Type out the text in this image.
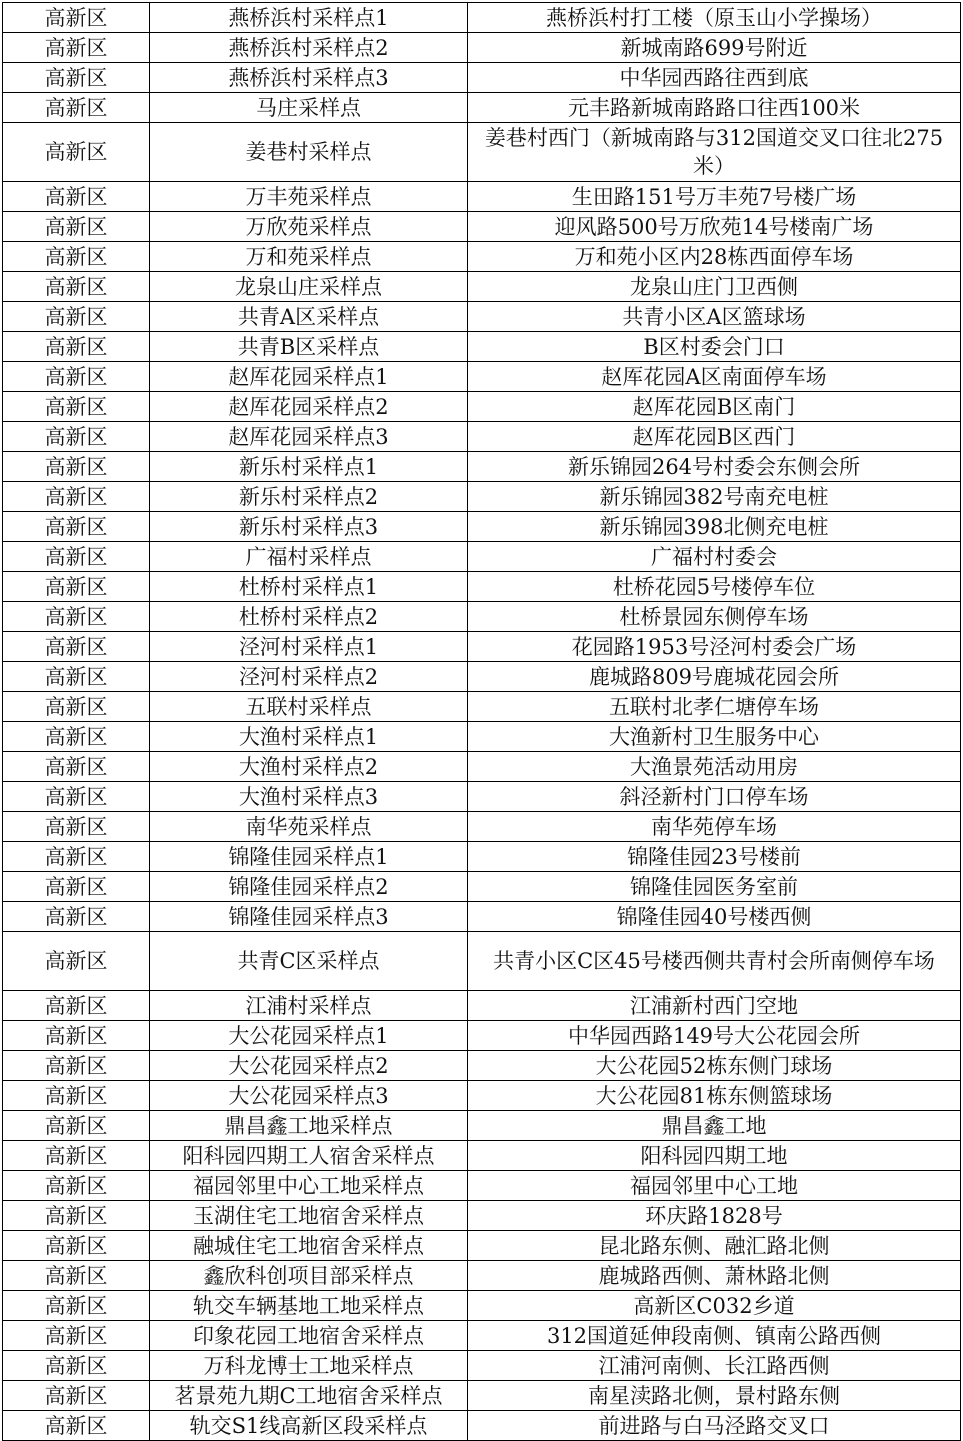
高新区	燕桥浜村采样点1	燕桥浜村打工楼（原玉山小学操场）
高新区	燕桥浜村采样点2	新城南路699号附近
高新区	燕桥浜村采样点3	中华园西路往西到底
高新区	马庄采样点	元丰路新城南路路口往西100米
高新区	姜巷村采样点	姜巷村西门（新城南路与312国道交叉口往北275米）
高新区	万丰苑采样点	生田路151号万丰苑7号楼广场
高新区	万欣苑采样点	迎风路500号万欣苑14号楼南广场
高新区	万和苑采样点	万和苑小区内28栋西面停车场
高新区	龙泉山庄采样点	龙泉山庄门卫西侧
高新区	共青A区采样点	共青小区A区篮球场
高新区	共青B区采样点	B区村委会门口
高新区	赵厍花园采样点1	赵厍花园A区南面停车场
高新区	赵厍花园采样点2	赵厍花园B区南门
高新区	赵厍花园采样点3	赵厍花园B区西门
高新区	新乐村采样点1	新乐锦园264号村委会东侧会所
高新区	新乐村采样点2	新乐锦园382号南充电桩
高新区	新乐村采样点3	新乐锦园398北侧充电桩
高新区	广福村采样点	广福村村委会
高新区	杜桥村采样点1	杜桥花园5号楼停车位
高新区	杜桥村采样点2	杜桥景园东侧停车场
高新区	泾河村采样点1	花园路1953号泾河村委会广场
高新区	泾河村采样点2	鹿城路809号鹿城花园会所
高新区	五联村采样点	五联村北孝仁塘停车场
高新区	大渔村采样点1	大渔新村卫生服务中心
高新区	大渔村采样点2	大渔景苑活动用房
高新区	大渔村采样点3	斜泾新村门口停车场
高新区	南华苑采样点	南华苑停车场
高新区	锦隆佳园采样点1	锦隆佳园23号楼前
高新区	锦隆佳园采样点2	锦隆佳园医务室前
高新区	锦隆佳园采样点3	锦隆佳园40号楼西侧
高新区	共青C区采样点	共青小区C区45号楼西侧共青村会所南侧停车场
高新区	江浦村采样点	江浦新村西门空地
高新区	大公花园采样点1	中华园西路149号大公花园会所
高新区	大公花园采样点2	大公花园52栋东侧门球场
高新区	大公花园采样点3	大公花园81栋东侧篮球场
高新区	鼎昌鑫工地采样点	鼎昌鑫工地
高新区	阳科园四期工人宿舍采样点	阳科园四期工地
高新区	福园邻里中心工地采样点	福园邻里中心工地
高新区	玉湖住宅工地宿舍采样点	环庆路1828号
高新区	融城住宅工地宿舍采样点	昆北路东侧、融汇路北侧
高新区	鑫欣科创项目部采样点	鹿城路西侧、萧林路北侧
高新区	轨交车辆基地工地采样点	高新区C032乡道
高新区	印象花园工地宿舍采样点	312国道延伸段南侧、镇南公路西侧
高新区	万科龙博士工地采样点	江浦河南侧、长江路西侧
高新区	茗景苑九期C工地宿舍采样点	南星渎路北侧，景村路东侧
高新区	轨交S1线高新区段采样点	前进路与白马泾路交叉口
